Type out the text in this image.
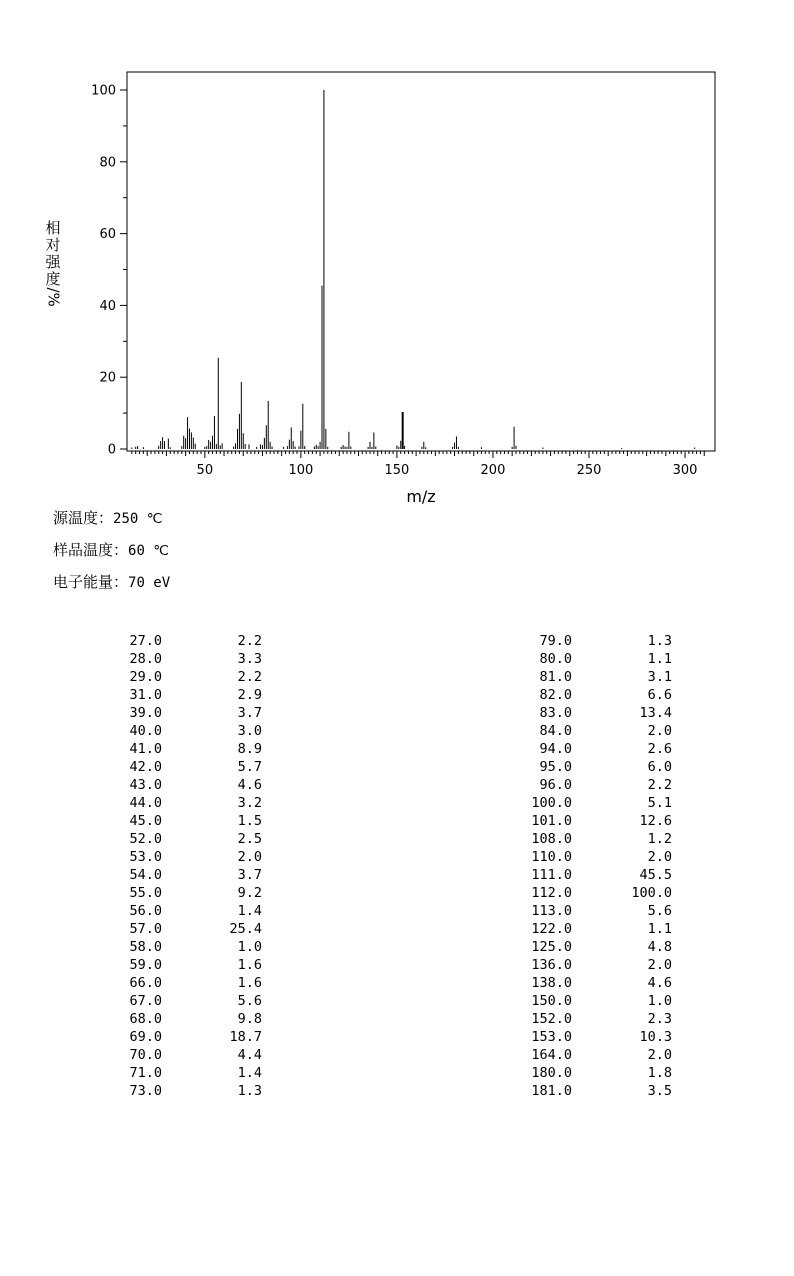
0
20
40
60
80
100
50	100	150	200	250	300
m/z
相
对
强
度
/%
源温度：250 ℃
样品温度：60 ℃
电子能量：70 eV
27.0	2.2
28.0	3.3
29.0	2.2
31.0	2.9
39.0	3.7
40.0	3.0
41.0	8.9
42.0	5.7
43.0	4.6
44.0	3.2
45.0	1.5
52.0	2.5
53.0	2.0
54.0	3.7
55.0	9.2
56.0	1.4
57.0	25.4
58.0	1.0
59.0	1.6
66.0	1.6
67.0	5.6
68.0	9.8
69.0	18.7
70.0	4.4
71.0	1.4
73.0	1.3
79.0	1.3
80.0	1.1
81.0	3.1
82.0	6.6
83.0	13.4
84.0	2.0
94.0	2.6
95.0	6.0
96.0	2.2
100.0	5.1
101.0	12.6
108.0	1.2
110.0	2.0
111.0	45.5
112.0	100.0
113.0	5.6
122.0	1.1
125.0	4.8
136.0	2.0
138.0	4.6
150.0	1.0
152.0	2.3
153.0	10.3
164.0	2.0
180.0	1.8
181.0	3.5
